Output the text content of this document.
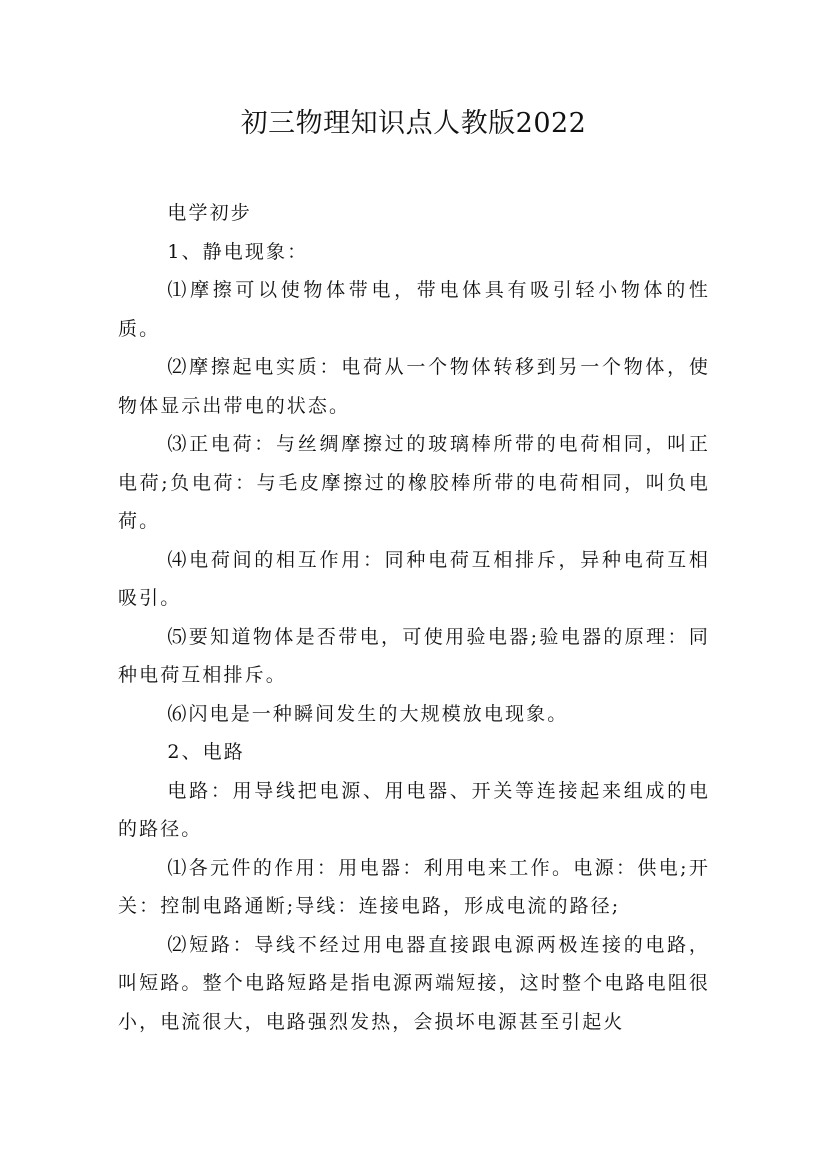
初三物理知识点人教版2022

电学初步

1、静电现象：

⑴摩擦可以使物体带电，带电体具有吸引轻小物体的性质。

⑵摩擦起电实质：电荷从一个物体转移到另一个物体，使物体显示出带电的状态。

⑶正电荷：与丝绸摩擦过的玻璃棒所带的电荷相同，叫正电荷;负电荷：与毛皮摩擦过的橡胶棒所带的电荷相同，叫负电荷。

⑷电荷间的相互作用：同种电荷互相排斥，异种电荷互相吸引。

⑸要知道物体是否带电，可使用验电器;验电器的原理：同种电荷互相排斥。

⑹闪电是一种瞬间发生的大规模放电现象。

2、电路

电路：用导线把电源、用电器、开关等连接起来组成的电的路径。

⑴各元件的作用：用电器：利用电来工作。电源：供电;开关：控制电路通断;导线：连接电路，形成电流的路径;

⑵短路：导线不经过用电器直接跟电源两极连接的电路，叫短路。整个电路短路是指电源两端短接，这时整个电路电阻很小，电流很大，电路强烈发热，会损坏电源甚至引起火
